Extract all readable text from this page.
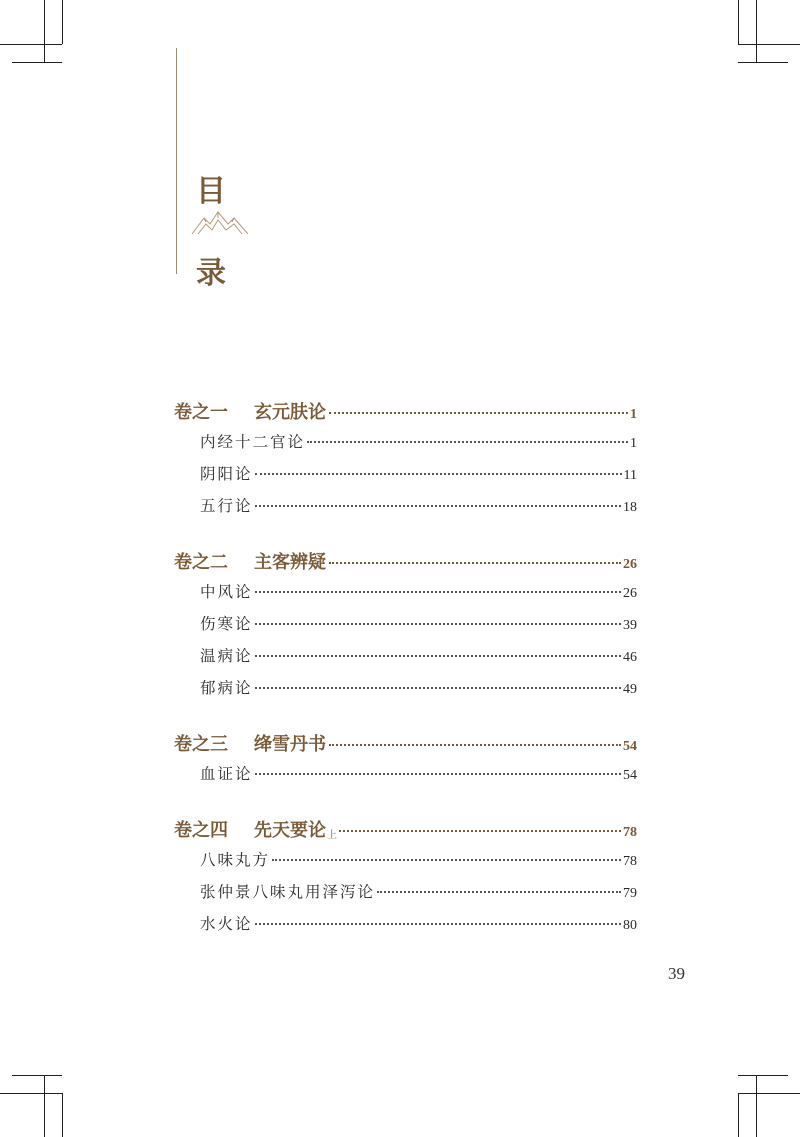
目
录
卷之一 玄元肤论	1
内经十二官论	1
阴阳论	11
五行论	18
卷之二 主客辨疑	26
中风论	26
伤寒论	39
温病论	46
郁病论	49
卷之三 绛雪丹书	54
血证论	54
卷之四 先天要论 上	78
八味丸方	78
张仲景八味丸用泽泻论	79
水火论	80
39
